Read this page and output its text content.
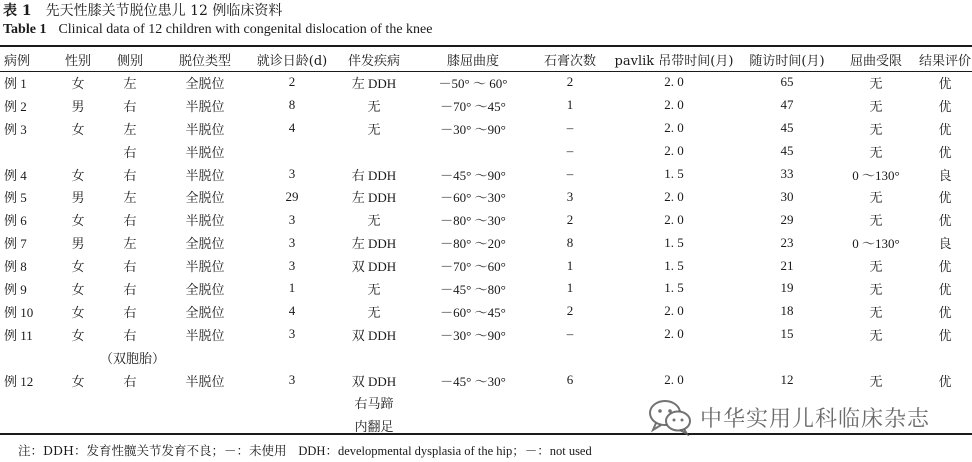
表 1 先天性膝关节脱位患儿 12 例临床资料
Table 1 Clinical data of 12 children with congenital dislocation of the knee
病例	性别	侧别	脱位类型	就诊日龄(d)	伴发疾病	膝屈曲度	石膏次数	pavlik 吊带时间(月)	随访时间(月)	屈曲受限	结果评价
例 1	女	左	全脱位	2	左 DDH	－50° ～ 60°	2	2. 0	65	无	优
例 2	男	右	半脱位	8	无	－70° ～45°	1	2. 0	47	无	优
例 3	女	左	半脱位	4	无	－30° ～90°	–	2. 0	45	无	优
		右	半脱位				–	2. 0	45	无	优
例 4	女	右	半脱位	3	右 DDH	－45° ～90°	–	1. 5	33	0 ～130°	良
例 5	男	左	全脱位	29	左 DDH	－60° ～30°	3	2. 0	30	无	优
例 6	女	右	半脱位	3	无	－80° ～30°	2	2. 0	29	无	优
例 7	男	左	全脱位	3	左 DDH	－80° ～20°	8	1. 5	23	0 ～130°	良
例 8	女	右	半脱位	3	双 DDH	－70° ～60°	1	1. 5	21	无	优
例 9	女	右	全脱位	1	无	－45° ～80°	1	1. 5	19	无	优
例 10	女	右	全脱位	4	无	－60° ～45°	2	2. 0	18	无	优
例 11	女	右	半脱位	3	双 DDH	－30° ～90°	–	2. 0	15	无	优
		（双胞胎）									
例 12	女	右	半脱位	3	双 DDH	－45° ～30°	6	2. 0	12	无	优
					右马蹄						
					内翻足						
注：DDH：发育性髋关节发育不良；－：未使用 DDH：developmental dysplasia of the hip；－：not used
中华实用儿科临床杂志
